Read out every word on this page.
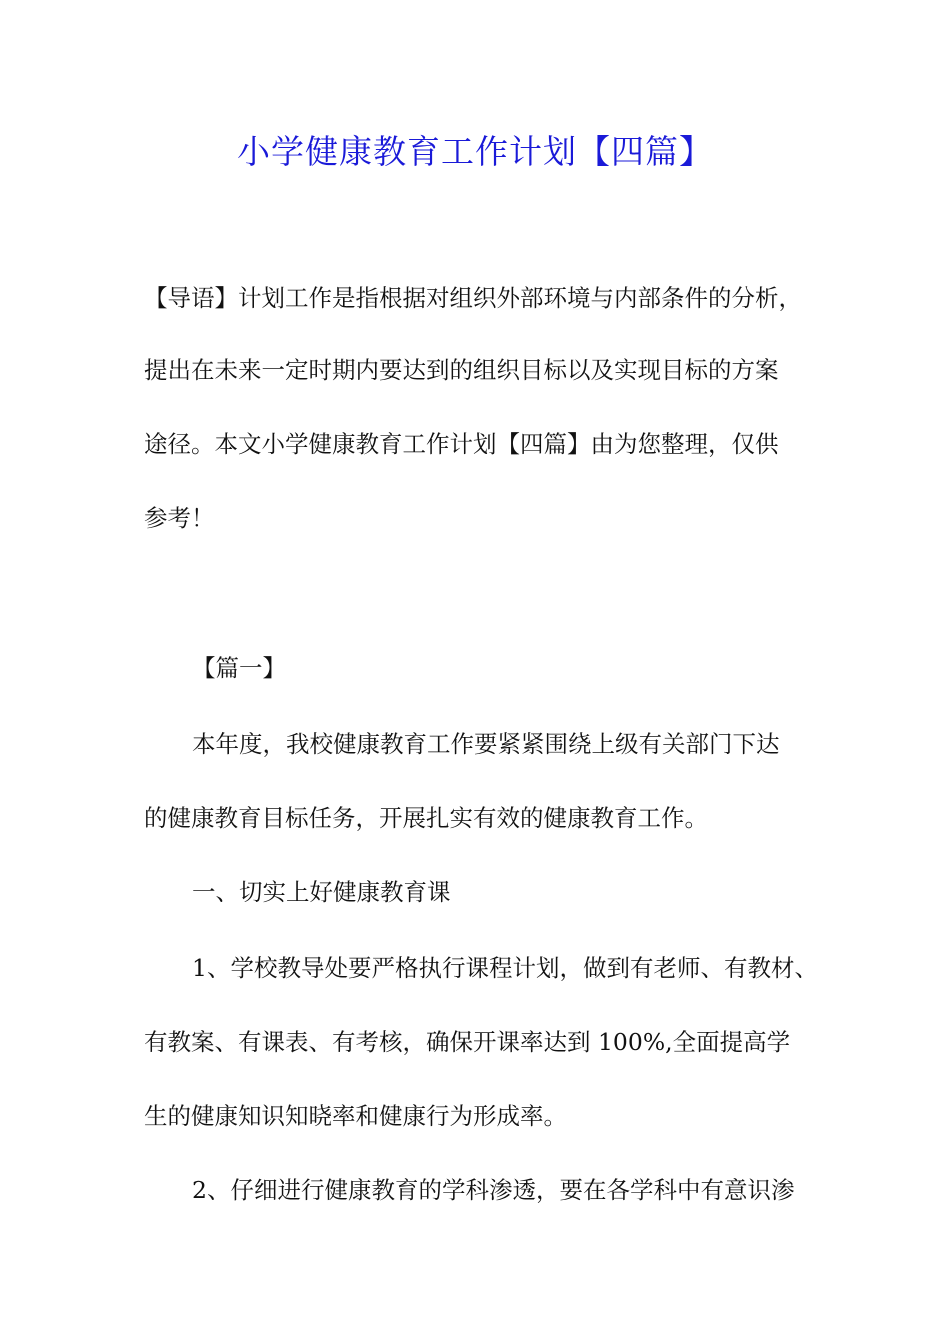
小学健康教育工作计划【四篇】
【导语】计划工作是指根据对组织外部环境与内部条件的分析，
提出在未来一定时期内要达到的组织目标以及实现目标的方案
途径。本文小学健康教育工作计划【四篇】由为您整理，仅供
参考！
【篇一】
本年度，我校健康教育工作要紧紧围绕上级有关部门下达
的健康教育目标任务，开展扎实有效的健康教育工作。
一、切实上好健康教育课
1、学校教导处要严格执行课程计划，做到有老师、有教材、
有教案、有课表、有考核，确保开课率达到 100%,全面提高学
生的健康知识知晓率和健康行为形成率。
2、仔细进行健康教育的学科渗透，要在各学科中有意识渗
